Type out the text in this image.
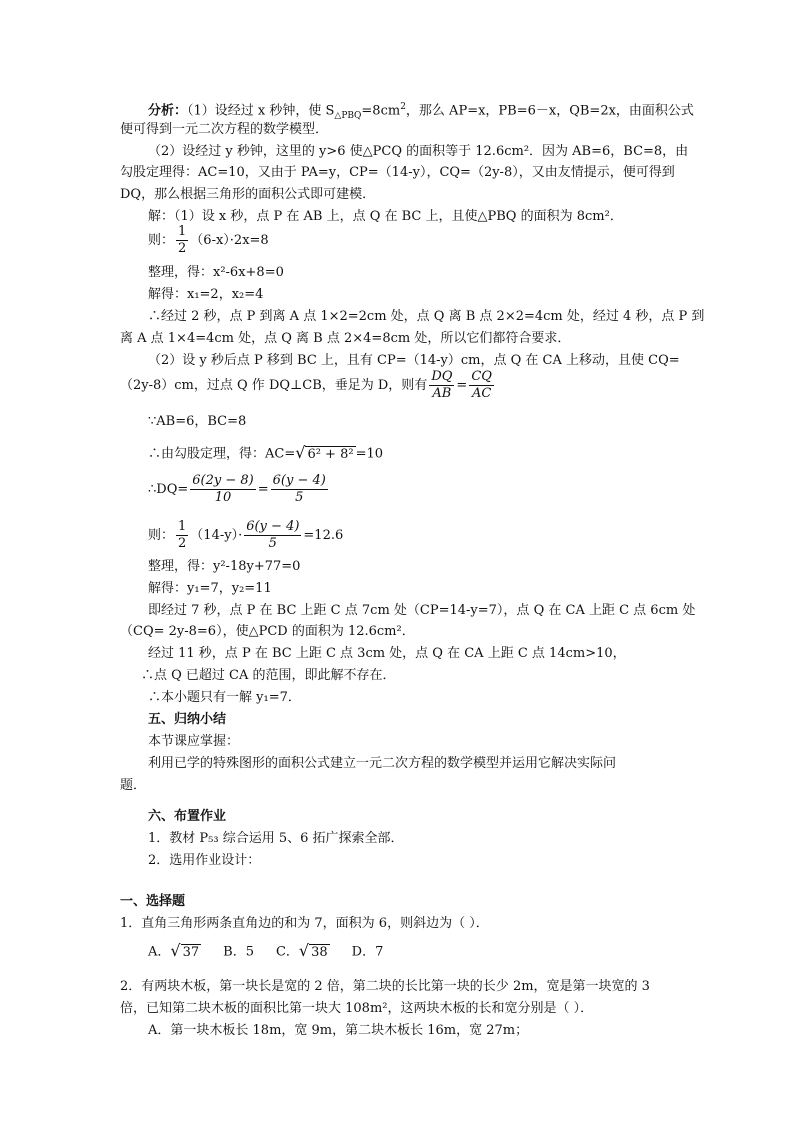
分析：（1）设经过 x 秒钟，使 $S_{\triangle PBQ}=8cm^2$，那么 AP=x，PB=6－x，QB=2x，由面积公式
便可得到一元二次方程的数学模型．
（2）设经过 y 秒钟，这里的 y>6 使△PCQ 的面积等于 12.6cm²．因为 AB=6，BC=8，由
勾股定理得：AC=10，又由于 PA=y，CP=（14-y），CQ=（2y-8），又由友情提示，便可得到
DQ，那么根据三角形的面积公式即可建模．
解：（1）设 x 秒，点 P 在 AB 上，点 Q 在 BC 上，且使△PBQ 的面积为 8cm²．
则： $\frac{1}{2} (6-x)\cdot 2x=8$
整理，得：x²-6x+8=0
解得：x₁=2，x₂=4
∴经过 2 秒，点 P 到离 A 点 1×2=2cm 处，点 Q 离 B 点 2×2=4cm 处，经过 4 秒，点 P 到
离 A 点 1×4=4cm 处，点 Q 离 B 点 2×4=8cm 处，所以它们都符合要求．
（2）设 y 秒后点 P 移到 BC 上，且有 CP=（14-y）cm，点 Q 在 CA 上移动，且使 CQ=
（2y-8）cm，过点 Q 作 DQ⊥CB，垂足为 D，则有 $\frac{DQ}{AB} = \frac{CQ}{AC}$
∵AB=6，BC=8
∴由勾股定理，得：AC=√ 6² + 8² =10
∴DQ= $\frac{6(2y - 8)}{10} = \frac{6(y - 4)}{5}$
则： $\frac{1}{2} (14-y)\cdot \frac{6(y - 4)}{5} =12.6$
整理，得：y²-18y+77=0
解得：y₁=7，y₂=11
即经过 7 秒，点 P 在 BC 上距 C 点 7cm 处（CP=14-y=7），点 Q 在 CA 上距 C 点 6cm 处
（CQ= 2y-8=6），使△PCD 的面积为 12.6cm²．
经过 11 秒，点 P 在 BC 上距 C 点 3cm 处，点 Q 在 CA 上距 C 点 14cm>10，
∴点 Q 已超过 CA 的范围，即此解不存在．
∴本小题只有一解 y₁=7．
五、归纳小结
本节课应掌握：
利用已学的特殊图形的面积公式建立一元二次方程的数学模型并运用它解决实际问
题．
六、布置作业
1．教材 P₅₃ 综合运用 5、6 拓广探索全部．
2．选用作业设计：
一、选择题
1．直角三角形两条直角边的和为 7，面积为 6，则斜边为（ ）．
A．√ 37 B．5 C．√ 38 D．7
2．有两块木板，第一块长是宽的 2 倍，第二块的长比第一块的长少 2m，宽是第一块宽的 3
倍，已知第二块木板的面积比第一块大 108m²，这两块木板的长和宽分别是（ ）．
A．第一块木板长 18m，宽 9m，第二块木板长 16m，宽 27m；
